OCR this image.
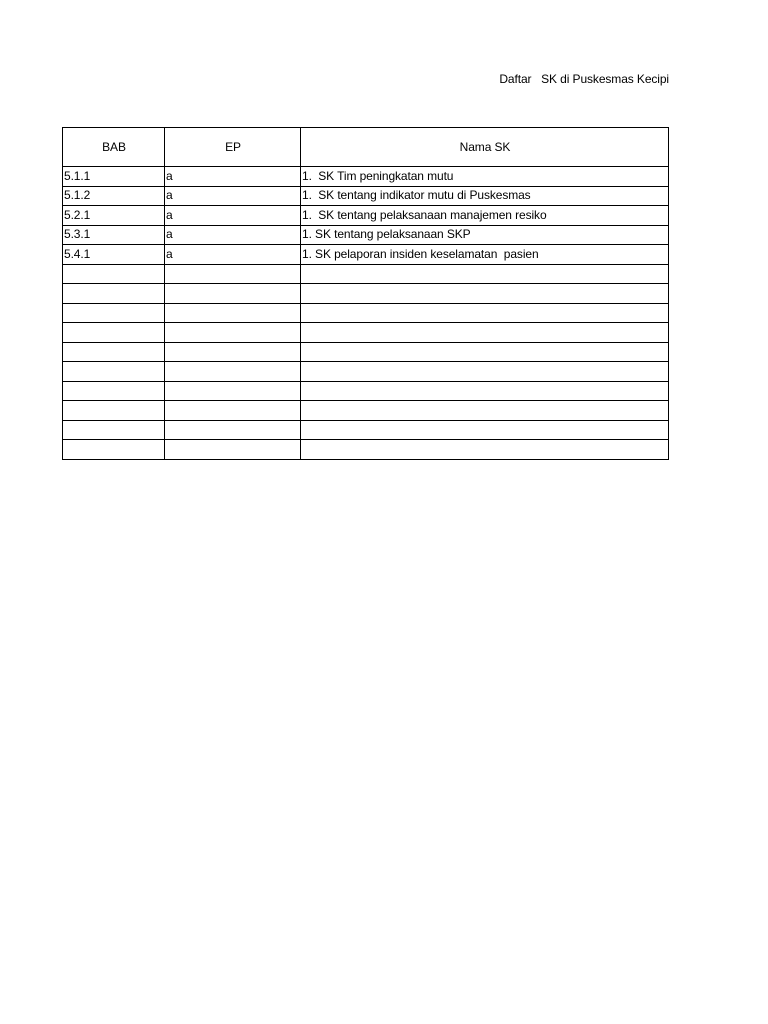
Daftar   SK di Puskesmas Kecipi
BAB	EP	Nama SK
5.1.1	a	1.  SK Tim peningkatan mutu
5.1.2	a	1.  SK tentang indikator mutu di Puskesmas
5.2.1	a	1.  SK tentang pelaksanaan manajemen resiko
5.3.1	a	1. SK tentang pelaksanaan SKP
5.4.1	a	1. SK pelaporan insiden keselamatan  pasien
